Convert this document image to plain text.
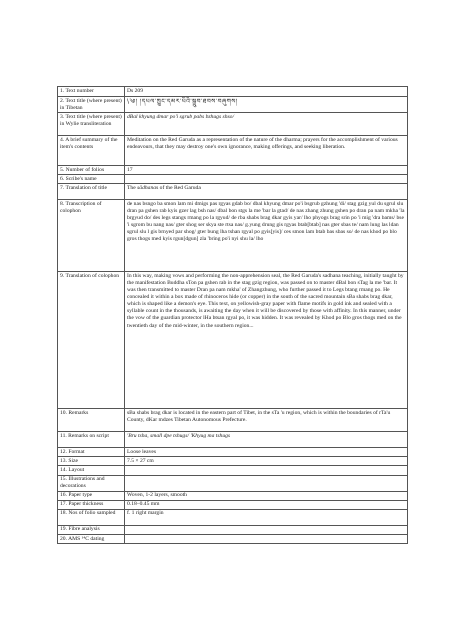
1. Text number	Ds 209
2. Text title (where present) in Tibetan	\༄། །དཔལ་ཁྱུང་དམར་པོའི་སྒྲུབ་ཐབས་བཞུགས།
3. Text title (where present) in Wylie transliteration	dBal khyung dmar po'i sgrub pabs bzhugs shso/
4. A brief summary of the item's contents	Meditation on the Red Garuda as a representation of the nature of the dharma; prayers for the accomplishment of various endeavours, that they may destroy one's own ignorance, making offerings, and seeking liberation.
5. Number of folios	17
6. Scribe's name	
7. Translation of title	The sādhanas of the Red Garuda
8. Transcription of colophon	de nas bsngo ba smon lam mi dmigs pas rgyas gdab bo/ dbal khyung dmar po'i bsgrub gzhung 'di/ stag gzig yul du sgrul slu dran pa gshen rab kyis gzer lag bsh nas/ dbal bon stgs la me 'bar la gtad/ de nas zhang zhung gshen po dran pa nam mkha 'la brgyud do/ des legs stangs rmang po la rgyud/ de rba shabs brag dkar gyis yar/ lho phyogs brag srin po 'i mig 'dra bams/ bse 'i sgrom bu nang nas/ gter shog ser skya ste rtsa nas/ g.yung drung gis rgyas btab[btab] nas gter sbas te/ nam lung las ldan sgrul slu l gis brnyed par shog/ gter bung lha tshan rgyal po gyis[yis]/ ces smon lam btab bas sbas so/ de nas khod po blo gros thogs med kyis rgun[dgun] zla 'bring po'i nyi shu la/ lho
9. Translation of colophon	In this way, making vows and performing the non-apprehension seal, the Red Garuda's sadhana teaching, initially taught by the manifestation Buddha sTon pa gshen rab in the stag gzig region, was passed on to master dBal bon sTag la me 'bar. It was then transmitted to master Dran pa nam mkha' of Zhangzhung, who further passed it to Legs btang rmang po. He concealed it within a box made of rhinoceros hide (or copper) in the south of the sacred mountain sBa shabs brag dkar, which is shaped like a demon's eye. This text, on yellowish-gray paper with flame motifs in gold ink and sealed with a syllable count in the thousands, is awaiting the day when it will be discovered by those with affinity. In this manner, under the vow of the guardian protector lHa btsan rgyal po, it was hidden. It was revealed by Khod po Blo gros thogs med on the twentieth day of the mid-winter, in the southern region...
10. Remarks	sBa shabs brag dkar is located in the eastern part of Tibet, in the sTa 'u region, which is within the boundaries of rTa'u County, dKar mdzes Tibetan Autonomous Prefecture.
11. Remarks on script	'Bru tsha, small dpe tshugs/ 'Khyug ma tshugs
12. Format	Loose leaves
13. Size	7.5 × 27 cm
14. Layout	
15. Illustrations and decorations	
16. Paper type	Woven, 1-2 layers, smooth
17. Paper thickness	0.18–0.45 mm
18. Nos of folio sampled	f. 1 right margin
19. Fibre analysis	
20. AMS ¹⁴C dating	
